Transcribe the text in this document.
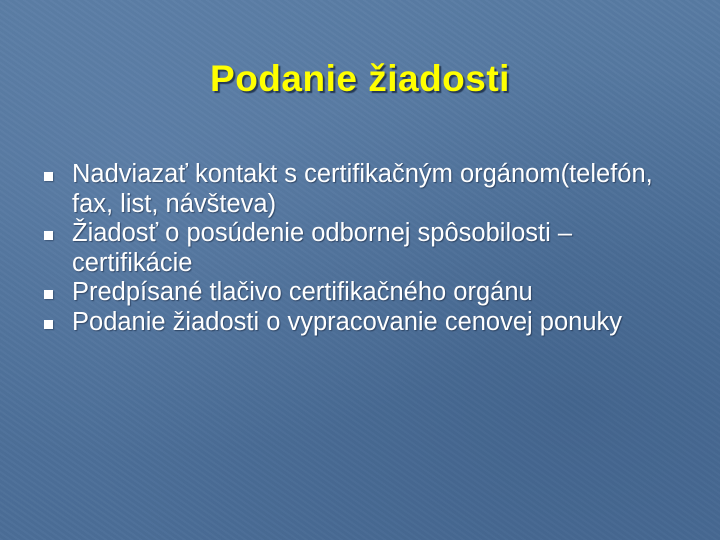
Podanie žiadosti
Nadviazať kontakt s certifikačným orgánom(telefón, fax, list, návšteva)
Žiadosť o posúdenie odbornej spôsobilosti – certifikácie
Predpísané tlačivo certifikačného orgánu
Podanie žiadosti o vypracovanie cenovej ponuky
